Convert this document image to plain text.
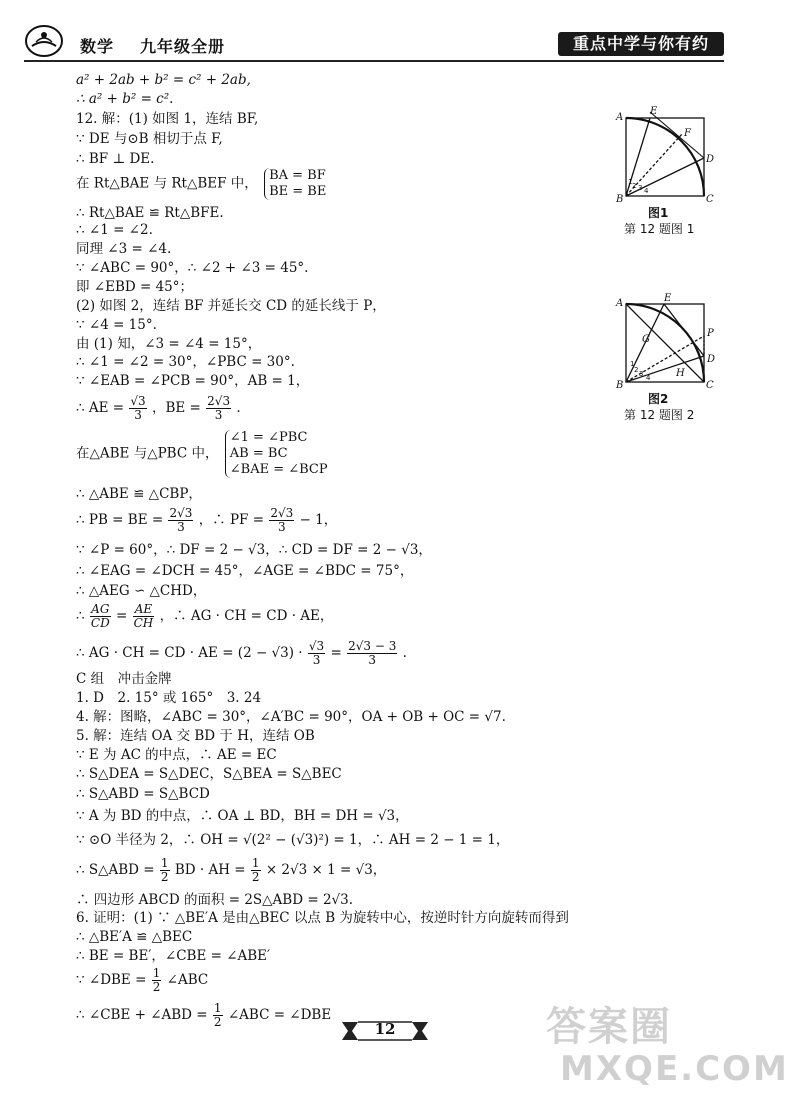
数学 九年级全册	重点中学与你有约
a² + 2ab + b² = c² + 2ab,
∴ a² + b² = c².
12. 解：(1) 如图 1，连结 BF,
∵ DE 与⊙B 相切于点 F,
∴ BF ⊥ DE.
在 Rt△BAE 与 Rt△BEF 中， BA = BF
BE = BE
∴ Rt△BAE ≌ Rt△BFE.
∴ ∠1 = ∠2.
同理 ∠3 = ∠4.
∵ ∠ABC = 90°，∴ ∠2 + ∠3 = 45°.
即 ∠EBD = 45°；
(2) 如图 2，连结 BF 并延长交 CD 的延长线于 P，
∵ ∠4 = 15°.
由 (1) 知，∠3 = ∠4 = 15°，
∴ ∠1 = ∠2 = 30°，∠PBC = 30°.
∵ ∠EAB = ∠PCB = 90°，AB = 1，
∴ AE = $\frac{√3}{3}$ ，BE = $\frac{2√3}{3}$ .
在△ABE 与△PBC 中，
∠1 = ∠PBC
AB = BC
∠BAE = ∠BCP
∴ △ABE ≌ △CBP，
∴ PB = BE = $\frac{2√3}{3}$ ，∴ PF = $\frac{2√3}{3} - 1$，
∵ ∠P = 60°，∴ DF = 2 − √3，∴ CD = DF = 2 − √3，
∴ ∠EAG = ∠DCH = 45°，∠AGE = ∠BDC = 75°，
∴ △AEG ∽ △CHD，
∴ $\frac{AG}{CD} = \frac{AE}{CH}$ ，∴ AG · CH = CD · AE，
∴ AG · CH = CD · AE = $(2 - √3) \cdot \frac{√3}{3} = \frac{2√3 - 3}{3}$ .
C 组　冲击金牌
1. D　2. 15° 或 165°　3. 24
4. 解：图略，∠ABC = 30°，∠A′BC = 90°，OA + OB + OC = √7.
5. 解：连结 OA 交 BD 于 H，连结 OB
∵ E 为 AC 的中点，∴ AE = EC
∴ S△DEA = S△DEC，S△BEA = S△BEC
∴ S△ABD = S△BCD
∵ A 为 BD 的中点，∴ OA ⊥ BD，BH = DH = √3，
∵ ⊙O 半径为 2，∴ OH = √(2² − (√3)²) = 1，∴ AH = 2 − 1 = 1，
∴ S△ABD = $\frac{1}{2}$ BD · AH = $\frac{1}{2} \times 2√3 \times 1 = √3$，
∴ 四边形 ABCD 的面积 = 2S△ABD = 2√3.
6. 证明：(1) ∵ △BE′A 是由△BEC 以点 B 为旋转中心，按逆时针方向旋转而得到
∴ △BE′A ≌ △BEC
∴ BE = BE′，∠CBE = ∠ABE′
∵ ∠DBE = $\frac{1}{2}$ ∠ABC
∴ ∠CBE + ∠ABD = $\frac{1}{2}$ ∠ABC = ∠DBE
A
E
F
D
B	C
1 2 3 4
图1
第 12 题图 1
A	E
P
G
D
H
B	C
1
2 3 4
图2
第 12 题图 2
12	答案圈
MXQE.COM
